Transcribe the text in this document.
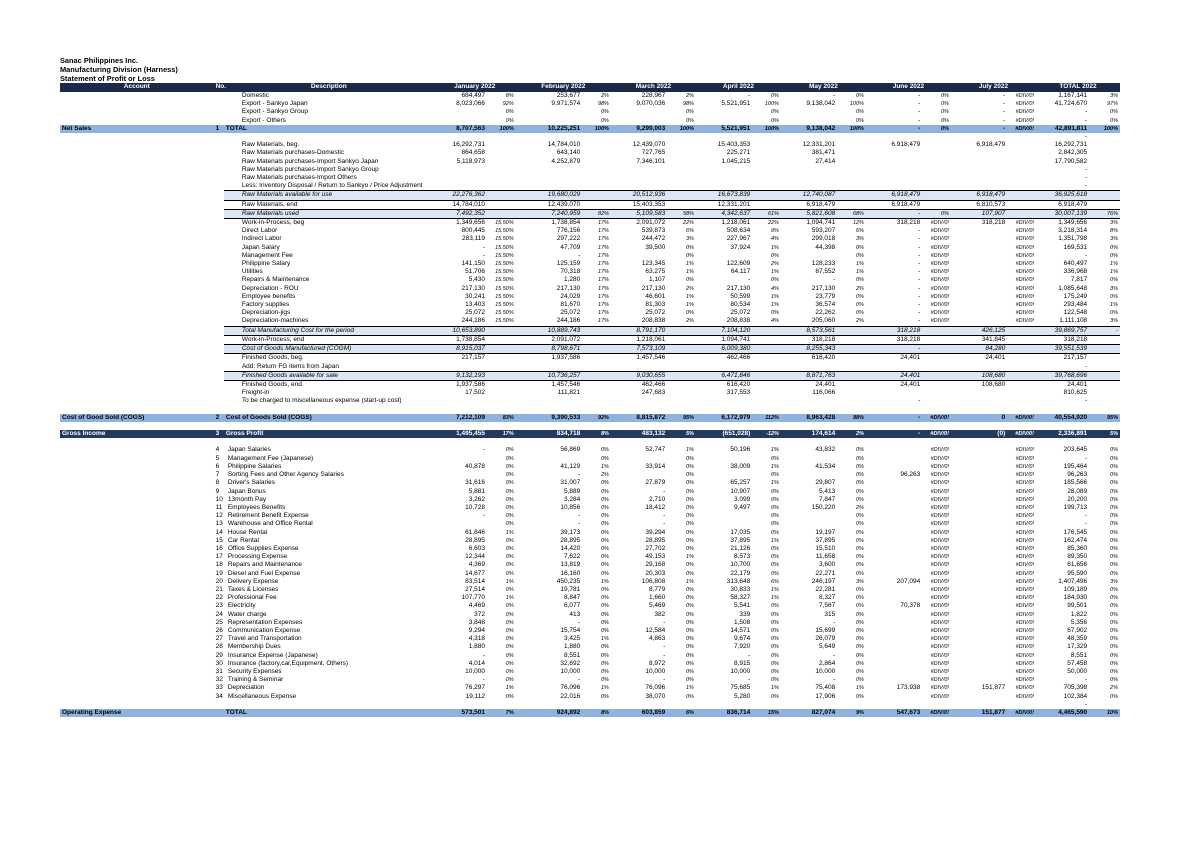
Sanac Philippines Inc.
Manufacturing Division (Harness)
Statement of Profit or Loss
Account	No.	Description	January 2022		February 2022		March 2022		April 2022		May 2022		June 2022		July 2022		TOTAL 2022	
		Domestic	684,497	8%	253,677	2%	228,967	2%	-	0%	-	0%	-	0%	-	#DIV/0!	1,167,141	3%
		Export - Sankyo Japan	8,023,066	92%	9,971,574	98%	9,070,036	98%	5,521,951	100%	9,138,042	100%	-	0%	-	#DIV/0!	41,724,670	97%
		Export - Sankyo Group		0%		0%		0%		0%		0%	-	0%	-	#DIV/0!	-	0%
		Export - Others		0%		0%		0%		0%		0%	-	0%	-	#DIV/0!	-	0%
Net Sales	1	TOTAL	8,707,563	100%	10,225,251	100%	9,299,003	100%	5,521,951	100%	9,138,042	100%	-	0%	-	#DIV/0!	42,891,811	100%
																	-	
		Raw Materials, beg.	16,292,731		14,784,010		12,439,070		15,403,353		12,331,201		6,918,479		6,918,479		16,292,731	
		Raw Materials purchases-Domestic	864,658		643,140		727,765		225,271		381,471						2,842,305	
		Raw Materials purchases-Import Sankyo Japan	5,118,973		4,252,879		7,346,101		1,045,215		27,414						17,790,582	
		Raw Materials purchases-Import Sankyo Group															-	
		Raw Materials purchases-Import Others															-	
		Less: Inventory Disposal / Return to Sankyo / Price Adjustment															-	
		Raw Materials available for use	22,276,362		19,680,029		20,512,936		16,673,839		12,740,087		6,918,479		6,918,479		36,925,618	
		Raw Materials, end	14,784,010		12,439,070		15,403,353		12,331,201		6,918,479		6,918,479		6,810,573		6,918,479	
		Raw Materials used	7,492,352		7,240,959	82%	5,109,583	58%	4,342,637	61%	5,821,608	68%	-	0%	107,907		30,007,139	76%
		Work-in-Process, beg	1,349,656	15.50%	1,738,854	17%	2,091,072	22%	1,218,061	22%	1,094,741	12%	318,218	#DIV/0!	318,218	#DIV/0!	1,349,656	3%
		Direct Labor	800,445	15.50%	776,156	17%	539,873	6%	508,634	9%	593,207	6%	-	#DIV/0!		#DIV/0!	3,218,314	8%
		Indirect Labor	283,119	15.50%	297,222	17%	244,472	3%	227,967	4%	299,018	3%	-	#DIV/0!		#DIV/0!	1,351,798	3%
		Japan Salary	-	15.50%	47,709	17%	39,500	0%	37,924	1%	44,398	0%	-	#DIV/0!		#DIV/0!	169,531	0%
		Management Fee	-	15.50%	-	17%		0%		0%		0%	-	#DIV/0!		#DIV/0!	-	0%
		Philippine Salary	141,150	15.50%	125,159	17%	123,345	1%	122,609	2%	128,233	1%	-	#DIV/0!		#DIV/0!	640,497	1%
		Utilities	51,706	15.50%	70,318	17%	63,275	1%	64,117	1%	87,552	1%	-	#DIV/0!		#DIV/0!	336,968	1%
		Repairs & Maintenance	5,430	15.50%	1,280	17%	1,107	0%	-	0%	-	0%	-	#DIV/0!		#DIV/0!	7,817	0%
		Depreciation - ROU	217,130	15.50%	217,130	17%	217,130	2%	217,130	4%	217,130	2%	-	#DIV/0!		#DIV/0!	1,085,648	3%
		Employee benefits	30,241	15.50%	24,029	17%	46,601	1%	50,599	1%	23,779	0%	-	#DIV/0!		#DIV/0!	175,249	0%
		Factory supplies	13,403	15.50%	81,670	17%	81,303	1%	80,534	1%	36,574	0%	-	#DIV/0!		#DIV/0!	293,484	1%
		Depreciation-jigs	25,072	15.50%	25,072	17%	25,072	0%	25,072	0%	22,262	0%	-	#DIV/0!		#DIV/0!	122,548	0%
		Depreciation-machines	244,186	15.50%	244,186	17%	208,838	2%	208,838	4%	205,060	2%	-	#DIV/0!		#DIV/0!	1,111,108	3%
		Total Manufacturing Cost for the period	10,653,890		10,889,743		8,791,170		7,104,120		8,573,561		318,218		426,125		39,869,757	-
		Work-in-Process, end	1,738,854		2,091,072		1,218,061		1,094,741		318,218		318,218		341,845		318,218	
		Cost of Goods Manufactured (COGM)	8,915,037		8,798,671		7,573,109		6,009,380		8,255,343		-		84,280		39,551,539	
		Finished Goods, beg.	217,157		1,937,586		1,457,546		462,466		616,420		24,401		24,401		217,157	
		Add: Return FG items from Japan															-	
		Finished Goods available for sale	9,132,193		10,736,257		9,030,655		6,471,846		8,871,763		24,401		108,680		39,768,696	
		Finished Goods, end.	1,937,586		1,457,546		462,466		616,420		24,401		24,401		108,680		24,401	
		Freight-in	17,502		111,821		247,683		317,553		116,066						810,625	
		To be charged to miscellaneous expense (start-up cost)											-				-	

Cost of Good Sold (COGS)	2	Cost of Goods Sold (COGS)	7,212,109	83%	9,390,533	92%	8,815,872	95%	6,172,979	112%	8,963,428	98%	-	#DIV/0!	0	#DIV/0!	40,554,920	95%

Gross Income	3	Gross Profit	1,495,455	17%	834,718	8%	483,132	5%	(651,028)	-12%	174,614	2%	-	#DIV/0!	(0)	#DIV/0!	2,336,891	5%

	4	Japan Salaries	-	0%	56,869	0%	52,747	1%	50,196	1%	43,832	0%		#DIV/0!		#DIV/0!	203,645	0%
	5	Management Fee (Japanese)		0%		0%		0%		0%		0%		#DIV/0!		#DIV/0!	-	0%
	6	Philippine Salaries	40,878	0%	41,129	1%	33,914	0%	38,009	1%	41,534	0%		#DIV/0!		#DIV/0!	195,464	0%
	7	Sorting Fees and Other Agency Salaries		0%	-	2%		0%		0%		0%	96,263	#DIV/0!		#DIV/0!	96,263	0%
	8	Driver's Salaries	31,616	0%	31,007	0%	27,879	0%	65,257	1%	29,807	0%		#DIV/0!		#DIV/0!	185,566	0%
	9	Japan Bonus	5,881	0%	5,889	0%	-	0%	10,907	0%	5,413	0%		#DIV/0!		#DIV/0!	28,089	0%
	10	13month Pay	3,262	0%	3,284	0%	2,710	0%	3,099	0%	7,847	0%		#DIV/0!		#DIV/0!	20,200	0%
	11	Employees Benefits	10,728	0%	10,856	0%	18,412	0%	9,497	0%	150,220	2%		#DIV/0!		#DIV/0!	199,713	0%
	12	Retirement Benefit Expense	-	0%	-	0%	-	0%		0%		0%		#DIV/0!		#DIV/0!	-	0%
	13	Warehouse and Office Rental		0%	-	0%	-	0%		0%		0%		#DIV/0!		#DIV/0!	-	0%
	14	House Rental	61,846	1%	39,173	0%	39,294	0%	17,035	0%	19,197	0%		#DIV/0!		#DIV/0!	176,545	0%
	15	Car Rental	28,895	0%	28,895	0%	28,895	0%	37,895	1%	37,895	0%		#DIV/0!		#DIV/0!	162,474	0%
	16	Office Supplies Expense	6,603	0%	14,420	0%	27,702	0%	21,126	0%	15,510	0%		#DIV/0!		#DIV/0!	85,360	0%
	17	Processing Expense	12,344	0%	7,622	0%	49,153	1%	8,573	0%	11,658	0%		#DIV/0!		#DIV/0!	89,350	0%
	18	Repairs and Maintenance	4,369	0%	13,819	0%	29,168	0%	10,700	0%	3,600	0%		#DIV/0!		#DIV/0!	61,656	0%
	19	Diesel and Fuel Expense	14,677	0%	16,160	0%	20,303	0%	22,179	0%	22,271	0%		#DIV/0!		#DIV/0!	95,590	0%
	20	Delivery Expense	83,514	1%	450,235	1%	106,808	1%	313,648	6%	246,197	3%	207,094	#DIV/0!		#DIV/0!	1,407,496	3%
	21	Taxes & Licenses	27,514	0%	19,781	0%	8,779	0%	30,833	1%	22,281	0%		#DIV/0!		#DIV/0!	109,189	0%
	22	Professional Fee	107,770	1%	8,847	0%	1,660	0%	58,327	1%	8,327	0%		#DIV/0!		#DIV/0!	184,930	0%
	23	Electricity	4,469	0%	6,077	0%	5,469	0%	5,541	0%	7,567	0%	70,378	#DIV/0!		#DIV/0!	99,501	0%
	24	Water charge	372	0%	413	0%	382	0%	339	0%	315	0%		#DIV/0!		#DIV/0!	1,822	0%
	25	Representation Expenses	3,848	0%	-	0%	-	0%	1,508	0%	-	0%		#DIV/0!		#DIV/0!	5,356	0%
	26	Communication Expense	9,294	0%	15,754	0%	12,584	0%	14,571	0%	15,699	0%		#DIV/0!		#DIV/0!	67,902	0%
	27	Travel and Transportation	4,318	0%	3,425	1%	4,863	0%	9,674	0%	26,079	0%		#DIV/0!		#DIV/0!	48,359	0%
	28	Membership Dues	1,880	0%	1,880	0%	-	0%	7,920	0%	5,649	0%		#DIV/0!		#DIV/0!	17,329	0%
	29	Insurance Expense (Japanese)	-	0%	8,551	0%	-	0%	-	0%	-	0%		#DIV/0!		#DIV/0!	8,551	0%
	30	Insurance (factory,car,Equipment, Others)	4,014	0%	32,692	0%	8,972	0%	8,915	0%	2,864	0%		#DIV/0!		#DIV/0!	57,458	0%
	31	Security Expenses	10,000	0%	10,000	0%	10,000	0%	10,000	0%	10,000	0%		#DIV/0!		#DIV/0!	50,000	0%
	32	Training & Seminar	-	0%	-	0%	-	0%	-	0%	-	0%		#DIV/0!		#DIV/0!	-	0%
	33	Depreciation	76,297	1%	76,096	1%	76,096	1%	75,685	1%	75,408	1%	173,938	#DIV/0!	151,877	#DIV/0!	705,398	2%
	34	Miscellaneous Expense	19,112	0%	22,016	0%	38,070	0%	5,280	0%	17,906	0%		#DIV/0!		#DIV/0!	102,384	0%
																	-	
Operating Expense		TOTAL	573,501	7%	924,892	8%	603,859	6%	836,714	15%	827,074	9%	547,673	#DIV/0!	151,877	#DIV/0!	4,465,590	10%
